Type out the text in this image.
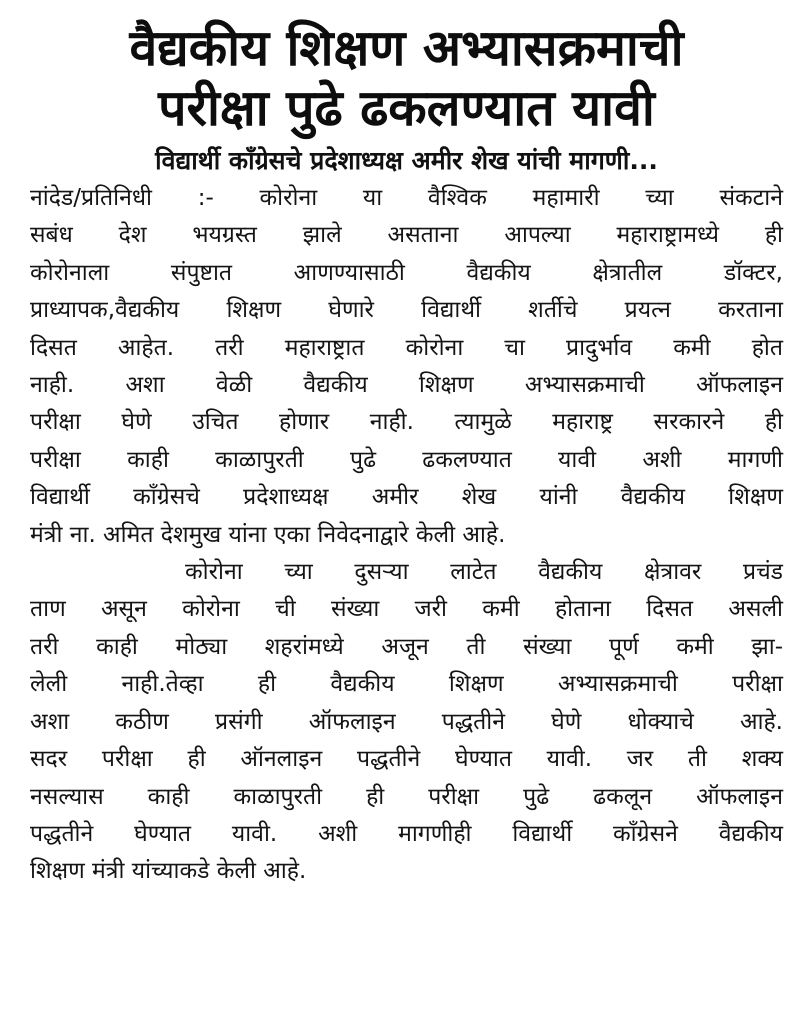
वैद्यकीय शिक्षण अभ्यासक्रमाची
परीक्षा पुढे ढकलण्यात यावी
विद्यार्थी काँग्रेसचे प्रदेशाध्यक्ष अमीर शेख यांची मागणी...
नांदेड/प्रतिनिधी :- कोरोना या वैश्विक महामारी च्या संकटाने
सबंध देश भयग्रस्त झाले असताना आपल्या महाराष्ट्रामध्ये ही
कोरोनाला संपुष्टात आणण्यासाठी वैद्यकीय क्षेत्रातील डॉक्टर,
प्राध्यापक,वैद्यकीय शिक्षण घेणारे विद्यार्थी शर्तीचे प्रयत्न करताना
दिसत आहेत. तरी महाराष्ट्रात कोरोना चा प्रादुर्भाव कमी होत
नाही. अशा वेळी वैद्यकीय शिक्षण अभ्यासक्रमाची ऑफलाइन
परीक्षा घेणे उचित होणार नाही. त्यामुळे महाराष्ट्र सरकारने ही
परीक्षा काही काळापुरती पुढे ढकलण्यात यावी अशी मागणी
विद्यार्थी काँग्रेसचे प्रदेशाध्यक्ष अमीर शेख यांनी वैद्यकीय शिक्षण
मंत्री ना. अमित देशमुख यांना एका निवेदनाद्वारे केली आहे.
कोरोना च्या दुसऱ्या लाटेत वैद्यकीय क्षेत्रावर प्रचंड
ताण असून कोरोना ची संख्या जरी कमी होताना दिसत असली
तरी काही मोठ्या शहरांमध्ये अजून ती संख्या पूर्ण कमी झा-
लेली नाही.तेव्हा ही वैद्यकीय शिक्षण अभ्यासक्रमाची परीक्षा
अशा कठीण प्रसंगी ऑफलाइन पद्धतीने घेणे धोक्याचे आहे.
सदर परीक्षा ही ऑनलाइन पद्धतीने घेण्यात यावी. जर ती शक्य
नसल्यास काही काळापुरती ही परीक्षा पुढे ढकलून ऑफलाइन
पद्धतीने घेण्यात यावी. अशी मागणीही विद्यार्थी काँग्रेसने वैद्यकीय
शिक्षण मंत्री यांच्याकडे केली आहे.
